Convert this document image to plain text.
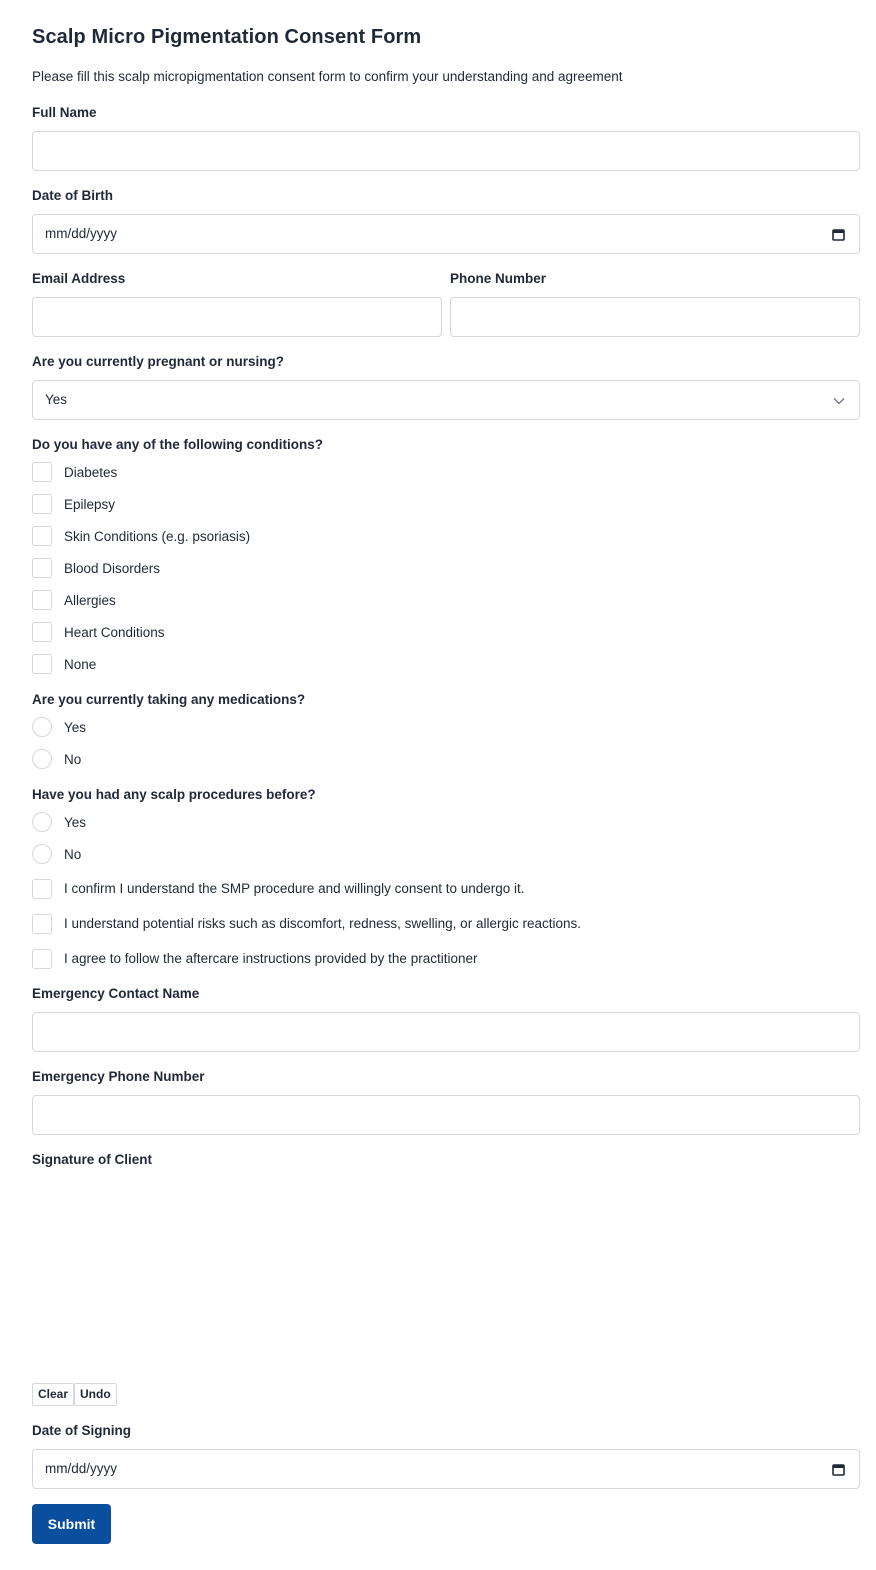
Scalp Micro Pigmentation Consent Form

Please fill this scalp micropigmentation consent form to confirm your understanding and agreement

Full Name
Date of Birth
mm/dd/yyyy
Email Address	Phone Number
Are you currently pregnant or nursing?
Yes
Do you have any of the following conditions?
Diabetes
Epilepsy
Skin Conditions (e.g. psoriasis)
Blood Disorders
Allergies
Heart Conditions
None
Are you currently taking any medications?
Yes
No
Have you had any scalp procedures before?
Yes
No
I confirm I understand the SMP procedure and willingly consent to undergo it.
I understand potential risks such as discomfort, redness, swelling, or allergic reactions.
I agree to follow the aftercare instructions provided by the practitioner
Emergency Contact Name
Emergency Phone Number
Signature of Client
Clear Undo
Date of Signing
mm/dd/yyyy
Submit
